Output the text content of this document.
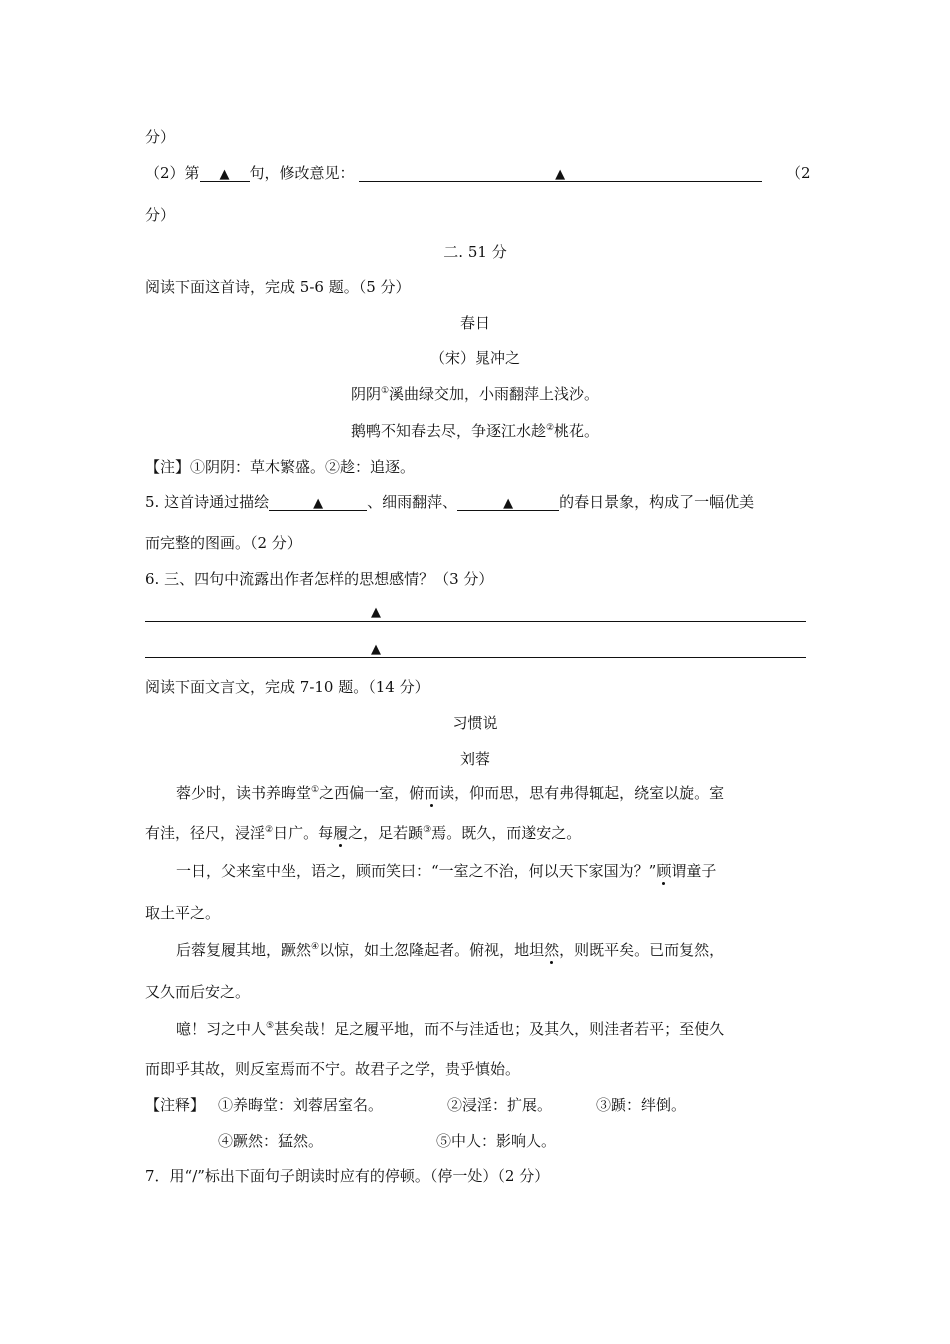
分）
（2）第 ▲ 句，修改意见：	▲	（2
分）
二. 51 分
阅读下面这首诗，完成 5-6 题。（5 分）
春日
（宋）晁冲之
阴阴①溪曲绿交加，小雨翻萍上浅沙。
鹅鸭不知春去尽，争逐江水趁②桃花。
【注】①阴阴：草木繁盛。②趁：追逐。
5. 这首诗通过描绘	▲	、细雨翻萍、	▲	的春日景象，构成了一幅优美
而完整的图画。（2 分）
6. 三、四句中流露出作者怎样的思想感情？（3 分）
▲
▲
阅读下面文言文，完成 7-10 题。（14 分）
习惯说
刘蓉
蓉少时，读书养晦堂①之西偏一室，俯而读，仰而思，思有弗得辄起，绕室以旋。室
有洼，径尺，浸淫②日广。每履之，足若踬③焉。既久，而遂安之。
一日，父来室中坐，语之，顾而笑曰：“一室之不治，何以天下家国为？”顾谓童子
取土平之。
后蓉复履其地，蹶然④以惊，如土忽隆起者。俯视，地坦然，则既平矣。已而复然，
又久而后安之。
噫！习之中人⑤甚矣哉！足之履平地，而不与洼适也；及其久，则洼者若平；至使久
而即乎其故，则反室焉而不宁。故君子之学，贵乎慎始。
【注释】 ①养晦堂：刘蓉居室名。	②浸淫：扩展。	③踬：绊倒。
④蹶然：猛然。	⑤中人：影响人。
7．用“/”标出下面句子朗读时应有的停顿。（停一处）（2 分）
